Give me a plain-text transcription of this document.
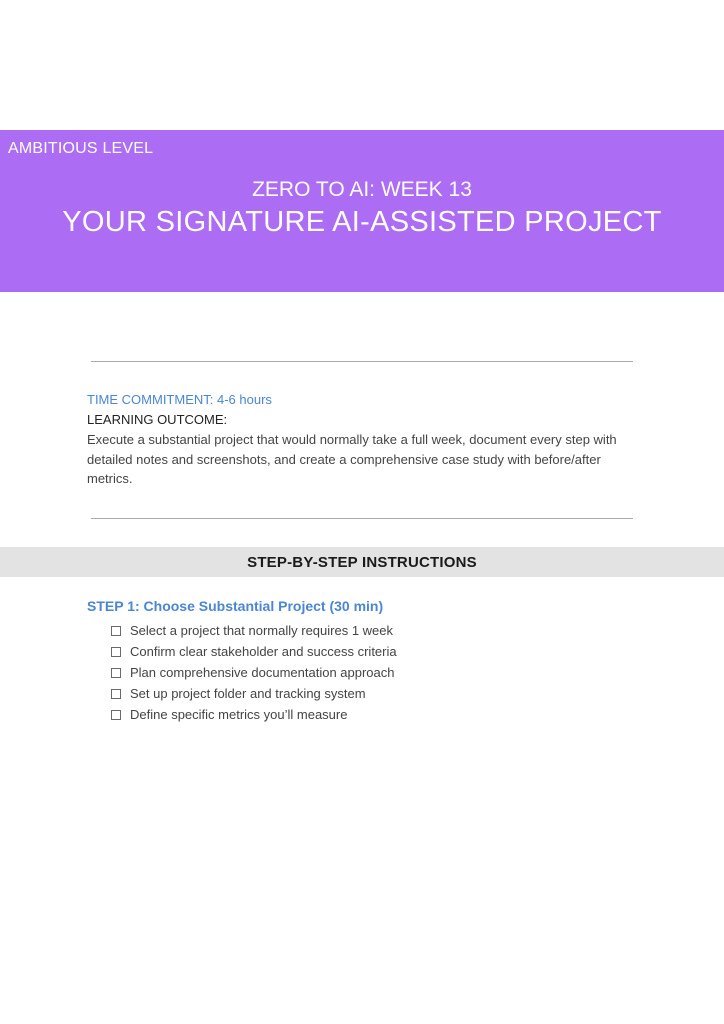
AMBITIOUS LEVEL
ZERO TO AI: WEEK 13
YOUR SIGNATURE AI-ASSISTED PROJECT
TIME COMMITMENT: 4-6 hours
LEARNING OUTCOME:
Execute a substantial project that would normally take a full week, document every step with detailed notes and screenshots, and create a comprehensive case study with before/after metrics.
STEP-BY-STEP INSTRUCTIONS
STEP 1: Choose Substantial Project (30 min)
Select a project that normally requires 1 week
Confirm clear stakeholder and success criteria
Plan comprehensive documentation approach
Set up project folder and tracking system
Define specific metrics you’ll measure
